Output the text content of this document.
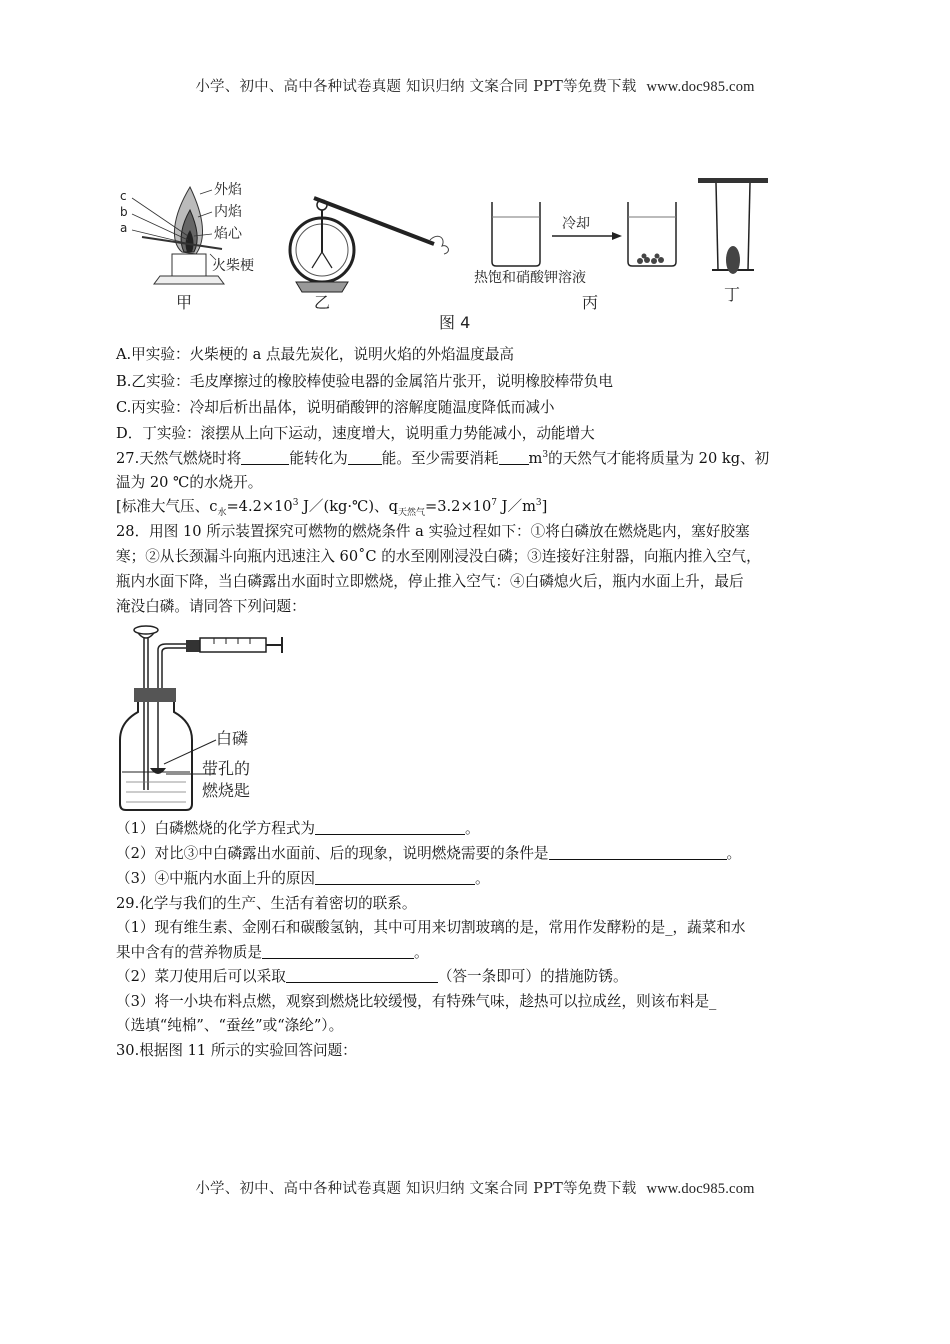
小学、初中、高中各种试卷真题 知识归纳 文案合同 PPT等免费下载 www.doc985.com
c
b
a
外焰
内焰
焰心
火柴梗
甲	乙
冷却
热饱和硝酸钾溶液
丙	丁
图 4
A.甲实验：火柴梗的 a 点最先炭化，说明火焰的外焰温度最高
B.乙实验：毛皮摩擦过的橡胶棒使验电器的金属箔片张开，说明橡胶棒带负电
C.丙实验：冷却后析出晶体，说明硝酸钾的溶解度随温度降低而减小
D．丁实验：滚摆从上向下运动，速度增大，说明重力势能减小，动能增大
27.天然气燃烧时将	能转化为 能。至少需要消耗 $m^3$的天然气才能将质量为 20 kg、初
温为 20 ℃的水烧开。
[标准大气压、$c_水=4.2\times 10^3$ J／(kg·℃)、$q_{天然气}=3.2\times 10^7$ $J/m^3$]
28．用图 10 所示装置探究可燃物的燃烧条件 a 实验过程如下：①将白磷放在燃烧匙内，塞好胶塞
寒；②从长颈漏斗向瓶内迅速注入 60˚C 的水至刚刚浸没白磷；③连接好注射器，向瓶内推入空气，
瓶内水面下降，当白磷露出水面时立即燃烧，停止推入空气：④白磷熄火后，瓶内水面上升，最后
淹没白磷。请同答下列问题：
白磷
带孔的
燃烧匙
（1）白磷燃烧的化学方程式为	。
（2）对比③中白磷露出水面前、后的现象，说明燃烧需要的条件是	。
（3）④中瓶内水面上升的原因	。
29.化学与我们的生产、生活有着密切的联系。
（1）现有维生素、金刚石和碳酸氢钠，其中可用来切割玻璃的是，常用作发酵粉的是_，蔬菜和水
果中含有的营养物质是	。
（2）菜刀使用后可以采取	（答一条即可）的措施防锈。
（3）将一小块布料点燃，观察到燃烧比较缓慢，有特殊气味，趁热可以拉成丝，则该布料是_
（选填“纯棉”、“蚕丝”或“涤纶”）。
30.根据图 11 所示的实验回答问题：
小学、初中、高中各种试卷真题 知识归纳 文案合同 PPT等免费下载 www.doc985.com
